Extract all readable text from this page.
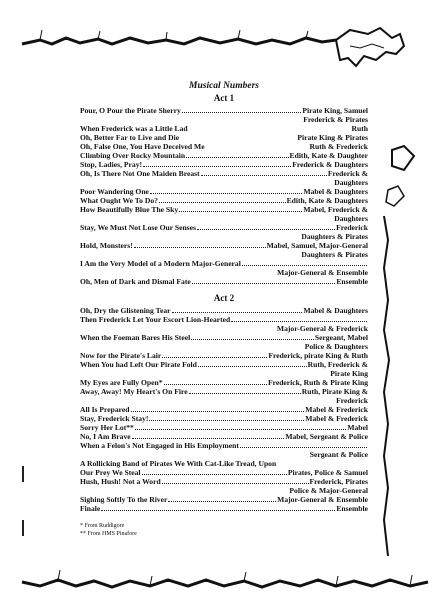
Musical Numbers
Act 1
Pour, O Pour the Pirate Sherry	Pirate King, Samuel
Frederick & Pirates
When Frederick was a Little Lad	Ruth
Oh, Better Far to Live and Die	Pirate King & Pirates
Oh, False One, You Have Deceived Me	Ruth & Frederick
Climbing Over Rocky Mountain	Edith, Kate & Daughter
Stop, Ladies, Pray!	Frederick & Daughters
Oh, Is There Not One Maiden Breast	Frederick &
Daughters
Poor Wandering One	Mabel & Daughters
What Ought We To Do?	Edith, Kate & Daughters
How Beautifully Blue The Sky	Mabel, Frederick &
Daughters
Stay, We Must Not Lose Our Senses	Frederick
Daughters & Pirates
Hold, Monsters!	Mabel, Samuel, Major-General
Daughters & Pirates
I Am the Very Model of a Modern Major-General
Major-General & Ensemble
Oh, Men of Dark and Dismal Fate	Ensemble
Act 2
Oh, Dry the Glistening Tear	Mabel & Daughters
Then Frederick Let Your Escort Lion-Hearted
Major-General & Frederick
When the Foeman Bares His Steel	Sergeant, Mabel
Police & Daughters
Now for the Pirate's Lair	Frederick, pirate King & Ruth
When You had Left Our Pirate Fold	Ruth, Frederick &
Pirate King
My Eyes are Fully Open*	Frederick, Ruth & Pirate King
Away, Away! My Heart's On Fire	Ruth, Pirate King &
Frederick
All Is Prepared	Mabel & Frederick
Stay, Frederick Stay!	Mabel & Frederick
Sorry Her Lot**	Mabel
No, I Am Brave	Mabel, Sergeant & Police
When a Felon's Not Engaged in His Employment
Sergeant & Police
A Rollicking Band of Pirates We With Cat-Like Tread, Upon
Our Prey We Steal	Pirates, Police & Samuel
Hush, Hush! Not a Word	Frederick, Pirates
Police & Major-General
Sighing Softly To the River	Major-General & Ensemble
Finale	Ensemble
* From Ruddigore
** From HMS Pinafore
